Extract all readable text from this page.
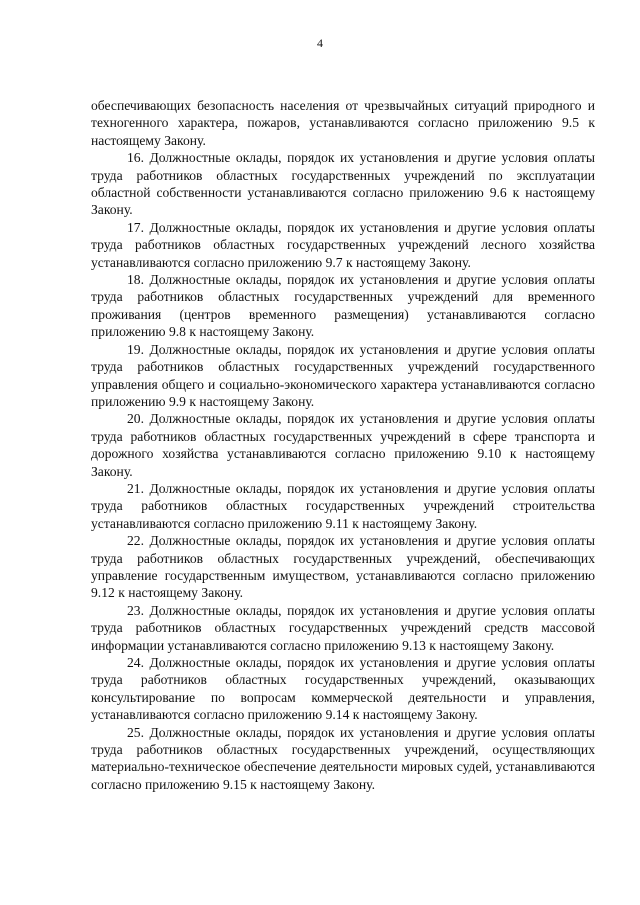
4

обеспечивающих безопасность населения от чрезвычайных ситуаций природного и техногенного характера, пожаров, устанавливаются согласно приложению 9.5 к настоящему Закону.

16. Должностные оклады, порядок их установления и другие условия оплаты труда работников областных государственных учреждений по эксплуатации областной собственности устанавливаются согласно приложению 9.6 к настоящему Закону.

17. Должностные оклады, порядок их установления и другие условия оплаты труда работников областных государственных учреждений лесного хозяйства устанавливаются согласно приложению 9.7 к настоящему Закону.

18. Должностные оклады, порядок их установления и другие условия оплаты труда работников областных государственных учреждений для временного проживания (центров временного размещения) устанавливаются согласно приложению 9.8 к настоящему Закону.

19. Должностные оклады, порядок их установления и другие условия оплаты труда работников областных государственных учреждений государственного управления общего и социально-экономического характера устанавливаются согласно приложению 9.9 к настоящему Закону.

20. Должностные оклады, порядок их установления и другие условия оплаты труда работников областных государственных учреждений в сфере транспорта и дорожного хозяйства устанавливаются согласно приложению 9.10 к настоящему Закону.

21. Должностные оклады, порядок их установления и другие условия оплаты труда работников областных государственных учреждений строительства устанавливаются согласно приложению 9.11 к настоящему Закону.

22. Должностные оклады, порядок их установления и другие условия оплаты труда работников областных государственных учреждений, обеспечивающих управление государственным имуществом, устанавливаются согласно приложению 9.12 к настоящему Закону.

23. Должностные оклады, порядок их установления и другие условия оплаты труда работников областных государственных учреждений средств массовой информации устанавливаются согласно приложению 9.13 к настоящему Закону.

24. Должностные оклады, порядок их установления и другие условия оплаты труда работников областных государственных учреждений, оказывающих консультирование по вопросам коммерческой деятельности и управления, устанавливаются согласно приложению 9.14 к настоящему Закону.

25. Должностные оклады, порядок их установления и другие условия оплаты труда работников областных государственных учреждений, осуществляющих материально-техническое обеспечение деятельности мировых судей, устанавливаются согласно приложению 9.15 к настоящему Закону.
